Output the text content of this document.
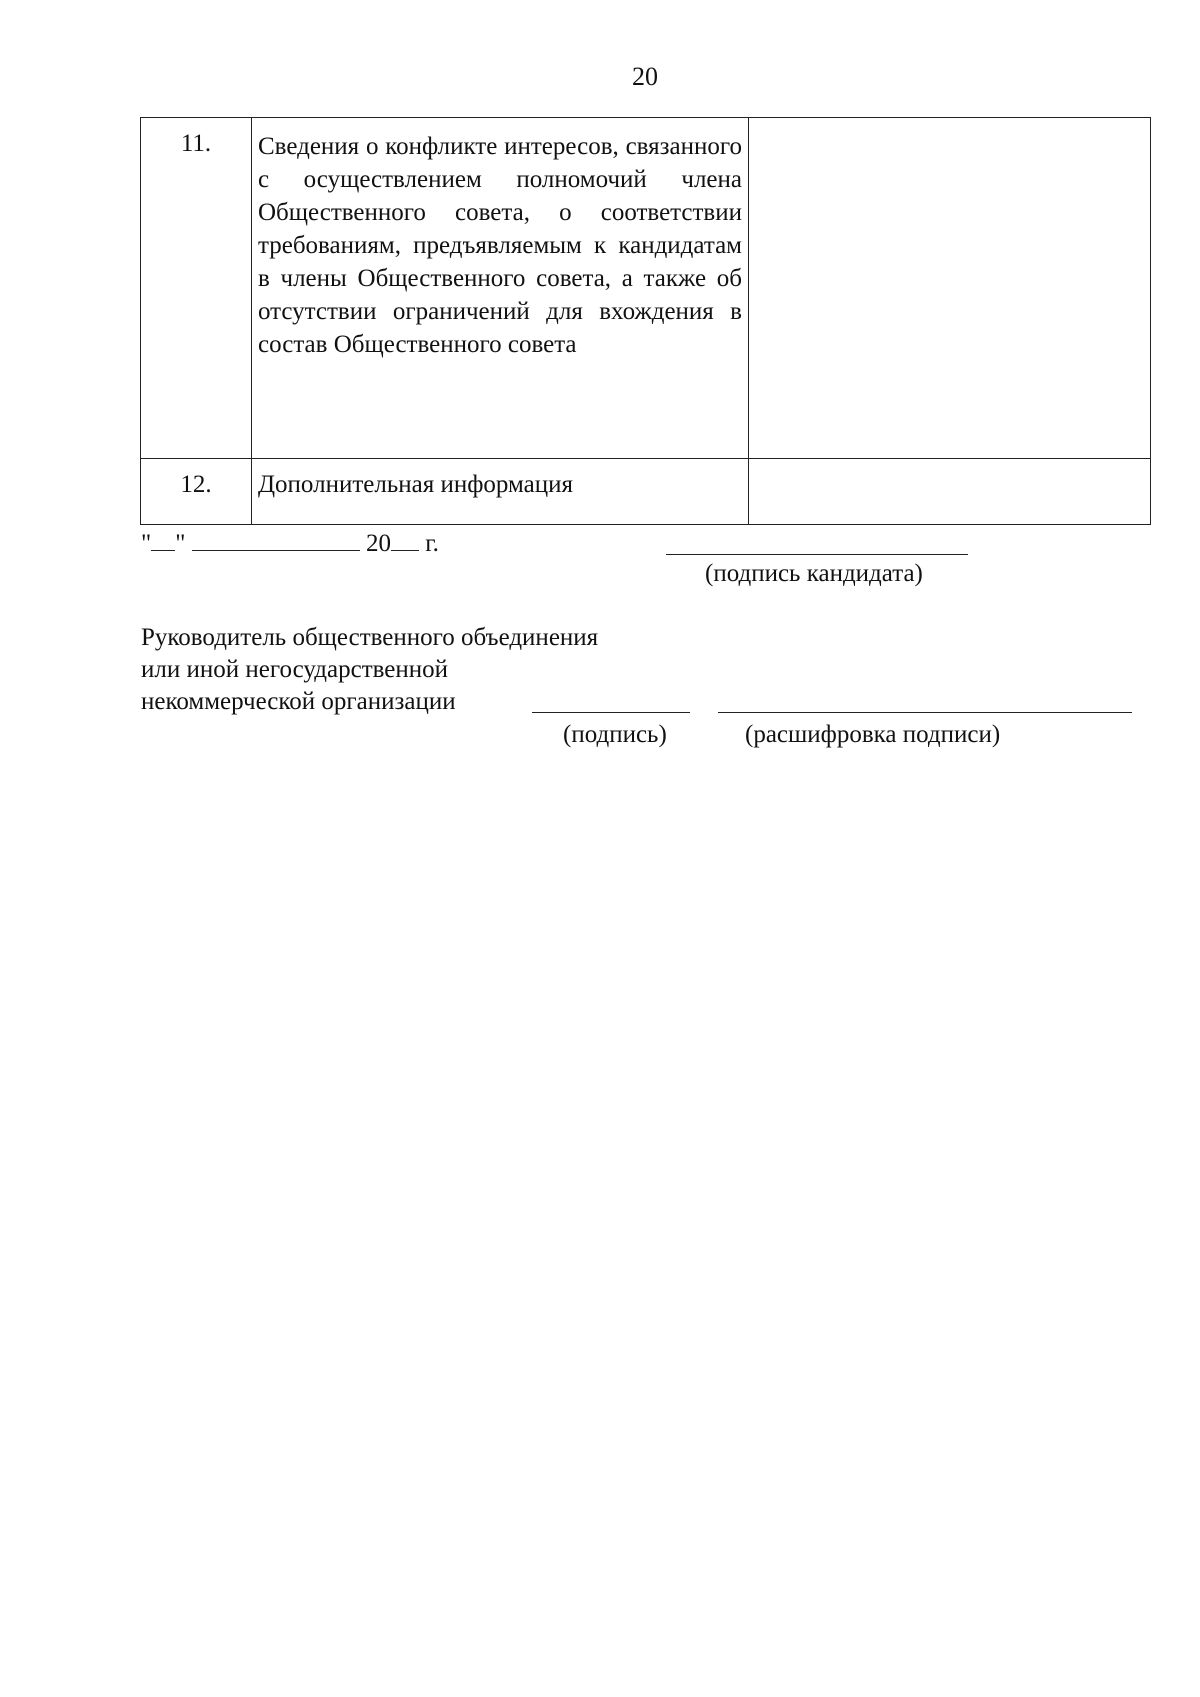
20
11.	Сведения о конфликте интересов, связанного с осуществлением полномочий члена Общественного совета, о соответствии требованиям, предъявляемым к кандидатам в члены Общественного совета, а также об отсутствии ограничений для вхождения в состав Общественного совета	
12.	Дополнительная информация	
" "	20 г.
(подпись кандидата)
Руководитель общественного объединения
или иной негосударственной
некоммерческой организации
(подпись)	(расшифровка подписи)
